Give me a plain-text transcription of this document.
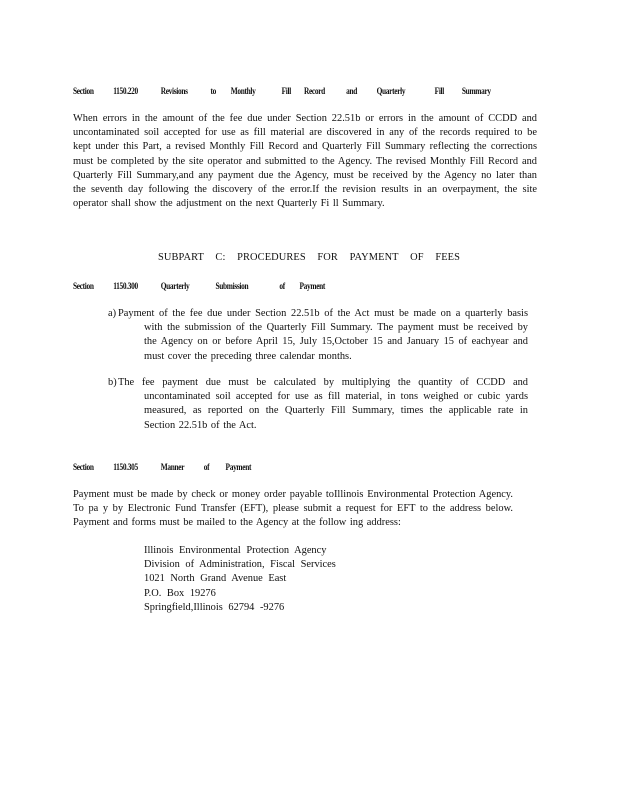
Section 1150.220	Revisions	to Monthly	Fill Record and Quarterly	Fill Summary
When errors in the amount of the fee due under Section 22.51b or errors in the amount of CCDD and uncontaminated soil accepted for use as fill material are discovered in any of the records required to be kept under this Part, a revised Monthly Fill Record and Quarterly Fill Summary reflecting the corrections must be completed by the site operator and submitted to the Agency. The revised Monthly Fill Record and Quarterly Fill Summary,and any payment due the Agency, must be received by the Agency no later than the seventh day following the discovery of the error.If the revision results in an overpayment, the site operator shall show the adjustment on the next Quarterly Fi ll Summary.
SUBPART C: PROCEDURES FOR PAYMENT OF FEES
Section 1150.300	Quarterly	Submission	of Payment
a) Payment of the fee due under Section 22.51b of the Act must be made on a quarterly basis with the submission of the Quarterly Fill Summary. The payment must be received by the Agency on or before April 15, July 15,October 15 and January 15 of eachyear and must cover the preceding three calendar months.
b) The fee payment due must be calculated by multiplying the quantity of CCDD and uncontaminated soil accepted for use as fill material, in tons weighed or cubic yards measured, as reported on the Quarterly Fill Summary, times the applicable rate in Section 22.51b of the Act.
Section 1150.305	Manner of Payment
Payment must be made by check or money order payable toIllinois Environmental Protection Agency. To pa y by Electronic Fund Transfer (EFT), please submit a request for EFT to the address below. Payment and forms must be mailed to the Agency at the follow ing address:
Illinois Environmental Protection Agency
Division of Administration, Fiscal Services
1021 North Grand Avenue East
P.O. Box 19276
Springfield,Illinois 62794 -9276
